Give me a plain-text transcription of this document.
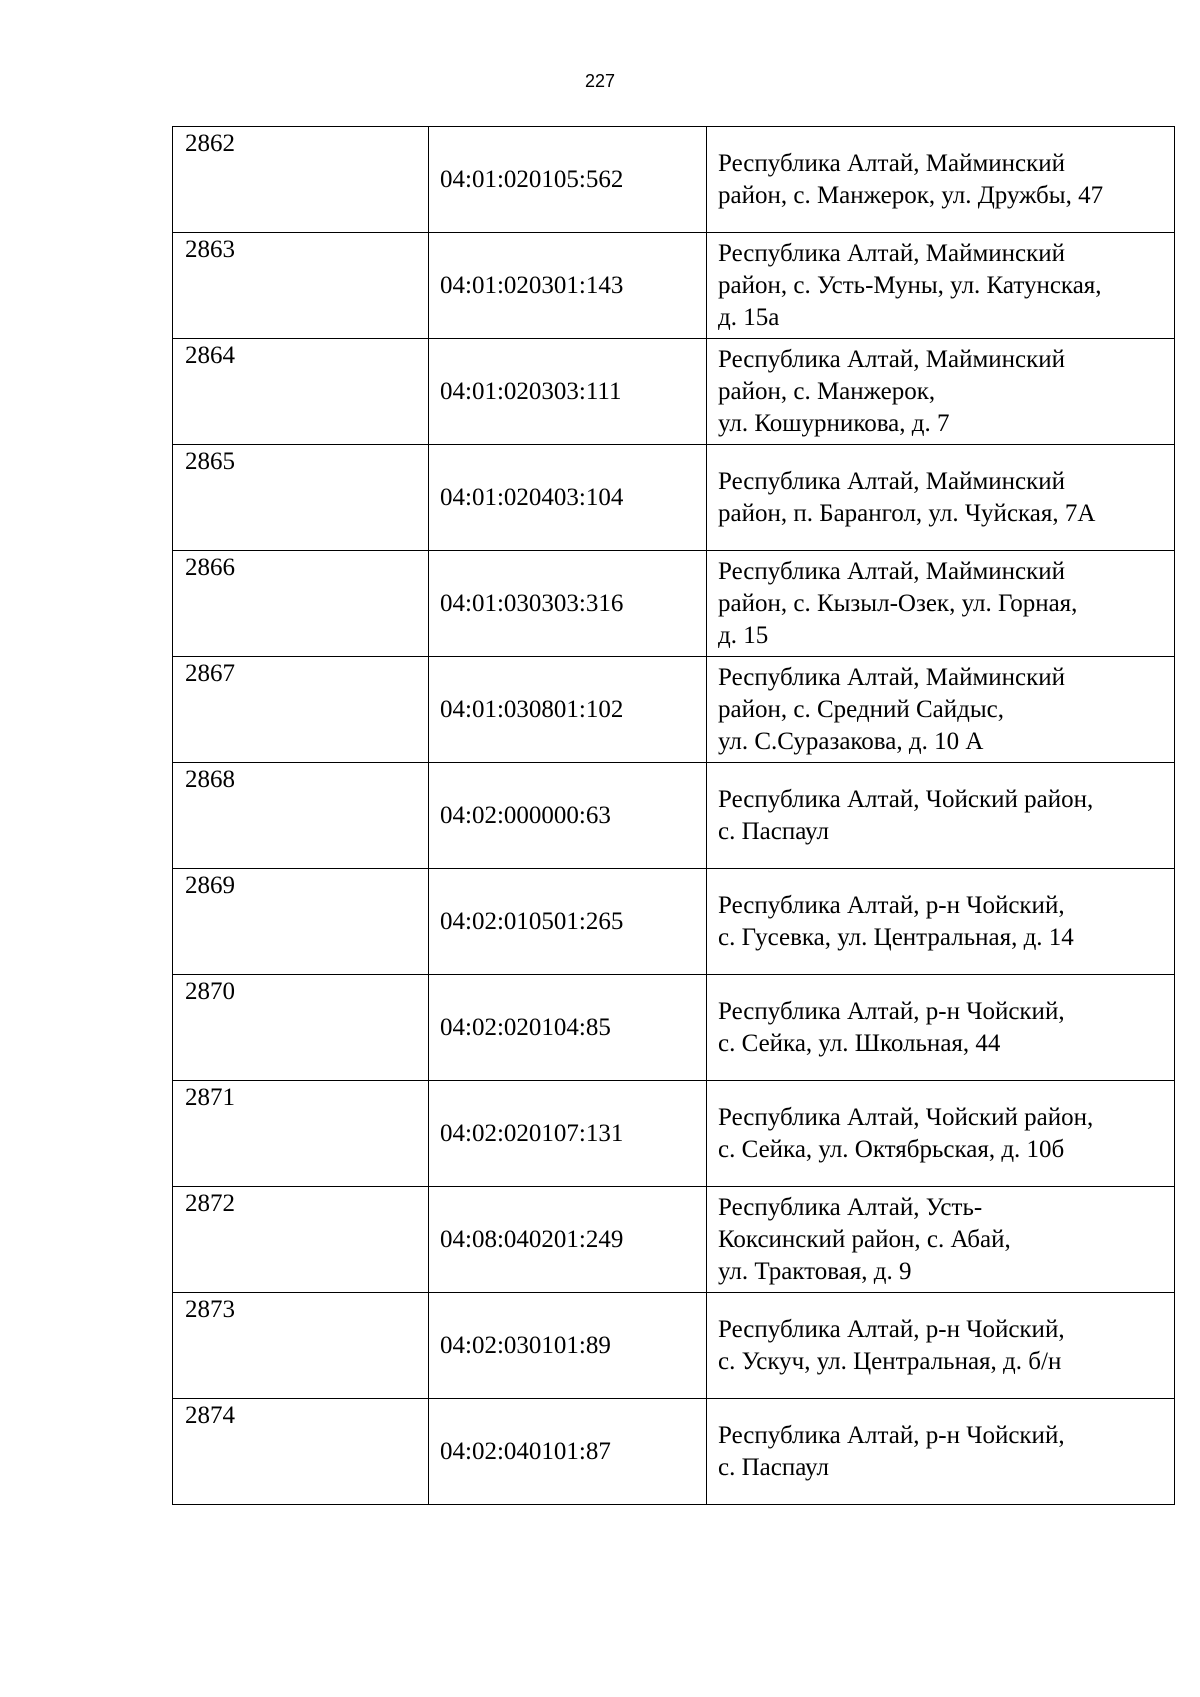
227
2862	04:01:020105:562	Республика Алтай, Майминский
район, с. Манжерок, ул. Дружбы, 47

2863	04:01:020301:143	Республика Алтай, Майминский
район, с. Усть-Муны, ул. Катунская,
д. 15а

2864	04:01:020303:111	Республика Алтай, Майминский
район, с. Манжерок,
ул. Кошурникова, д. 7

2865	04:01:020403:104	Республика Алтай, Майминский
район, п. Барангол, ул. Чуйская, 7А

2866	04:01:030303:316	Республика Алтай, Майминский
район, с. Кызыл-Озек, ул. Горная,
д. 15

2867	04:01:030801:102	Республика Алтай, Майминский
район, с. Средний Сайдыс,
ул. С.Суразакова, д. 10 А

2868	04:02:000000:63	Республика Алтай, Чойский район,
с. Паспаул

2869	04:02:010501:265	Республика Алтай, р-н Чойский,
с. Гусевка, ул. Центральная, д. 14

2870	04:02:020104:85	Республика Алтай, р-н Чойский,
с. Сейка, ул. Школьная, 44

2871	04:02:020107:131	Республика Алтай, Чойский район,
с. Сейка, ул. Октябрьская, д. 10б

2872	04:08:040201:249	Республика Алтай, Усть-
Коксинский район, с. Абай,
ул. Трактовая, д. 9

2873	04:02:030101:89	Республика Алтай, р-н Чойский,
с. Ускуч, ул. Центральная, д. б/н

2874	04:02:040101:87	Республика Алтай, р-н Чойский,
с. Паспаул
